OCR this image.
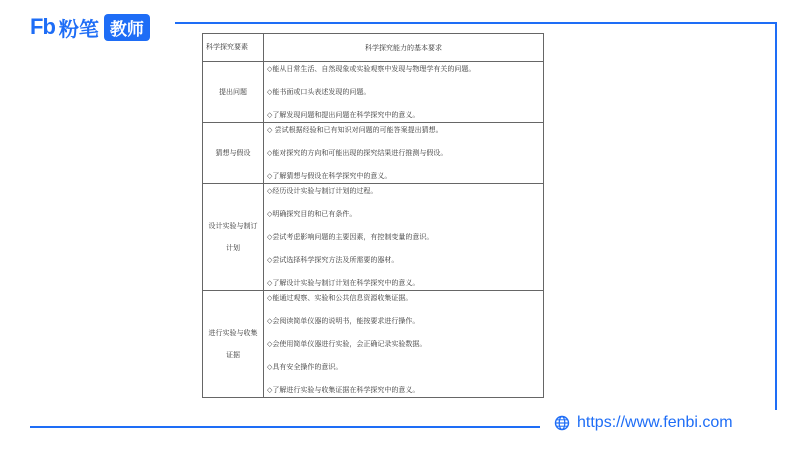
Fb 粉笔 教师
科学探究要素	科学探究能力的基本要求
提出问题	◇能从日常生活、自然现象或实验观察中发现与物理学有关的问题。

◇能书面或口头表述发现的问题。

◇了解发现问题和提出问题在科学探究中的意义。

猜想与假设	◇ 尝试根据经验和已有知识对问题的可能答案提出猜想。

◇能对探究的方向和可能出现的探究结果进行推测与假设。

◇了解猜想与假设在科学探究中的意义。

设计实验与制订计划	◇经历设计实验与制订计划的过程。

◇明确探究目的和已有条件。

◇尝试考虑影响问题的主要因素，有控制变量的意识。

◇尝试选择科学探究方法及所需要的器材。

◇了解设计实验与制订计划在科学探究中的意义。

进行实验与收集证据	◇能通过观察、实验和公共信息资源收集证据。

◇会阅读简单仪器的说明书，能按要求进行操作。

◇会使用简单仪器进行实验，会正确记录实验数据。

◇具有安全操作的意识。

◇了解进行实验与收集证据在科学探究中的意义。

https://www.fenbi.com
